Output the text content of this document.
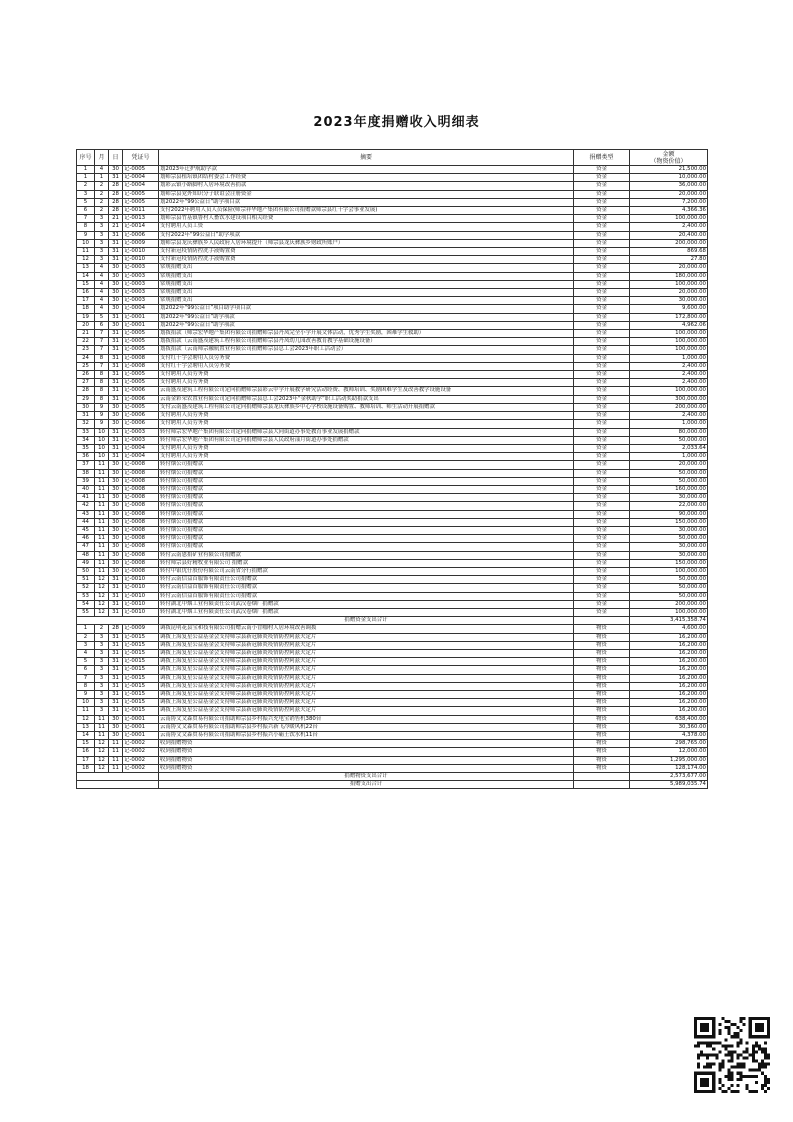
2023年度捐赠收入明细表
序号	月	日	凭证号	摘要	捐赠类型	金额
（物资价值）

1	4	30	记-0005	划2023年迁护航助学款	资金	21,500.00
1	1	31	记-0004	划师宗县植培镇团结村委会工作经费	资金	10,000.00
2	2	28	记-0004	划彩云镇小路脚村人居环境改善捐款	资金	36,000.00
3	2	28	记-0005	划师宗县党外知识分子联谊会注册资金	资金	20,000.00
5	2	28	记-0005	划2022年“99公益日”助学项目款	资金	7,200.00
6	2	28	记-0011	支付2022年聘用人员人员保险(师宗祥华地产集团有限公司捐赠款师宗县红十字会事业发展)	资金	4,366.36
7	3	21	记-0013	划师宗县竹基镇鲁村人畜饮水建设项目相关经费	资金	100,000.00
8	3	21	记-0014	支付聘用人员工资	资金	2,400.00
9	3	31	记-0006	支付2022年“99公益日”助学项款	资金	20,400.00
10	3	31	记-0009	划师宗县龙庆彝族乡人民政府人居环境提升（师宗县龙庆彝族乡财政所账户）	资金	200,000.00
11	3	31	记-0010	支付新冠疫情防控洗手液购置费	资金	869.68
12	3	31	记-0010	支付新冠疫情防控洗手液购置费	资金	27.80
13	4	30	记-0003	常规捐赠支出	资金	20,000.00
14	4	30	记-0003	常规捐赠支出	资金	180,000.00
15	4	30	记-0003	常规捐赠支出	资金	100,000.00
16	4	30	记-0003	常规捐赠支出	资金	20,000.00
17	4	30	记-0003	常规捐赠支出	资金	30,000.00
18	4	30	记-0004	划2022年“99公益日”项目助学项目款	资金	9,600.00
19	5	31	记-0001	划2022年“99公益日”助学项款	资金	172,800.00
20	6	30	记-0001	划2022年“99公益日”助学项款	资金	4,962.06
21	7	31	记-0005	划拨捐款（师宗宏华地产集团有限公司捐赠师宗县丹凤完全小学开展文体活动，优秀学生奖励，困难学生救助）	资金	100,000.00
22	7	31	记-0005	划拨捐款（云南盛茂建筑工程有限公司捐赠师宗县丹凤幼儿园改善教育教学基础设施设备）	资金	100,000.00
23	7	31	记-0005	划拨捐款（云南师宗融航置业有限公司捐赠师宗县总工会2023年职工活动会）	资金	100,000.00
24	8	31	记-0008	支付红十字会聘用人员劳务费	资金	1,000.00
25	7	31	记-0008	支付红十字会聘用人员劳务费	资金	2,400.00
26	8	31	记-0005	支付聘用人员劳务费	资金	2,400.00
27	8	31	记-0005	支付聘用人员劳务费	资金	2,400.00
28	8	31	记-0006	云南盛茂建筑工程有限公司定向捐赠师宗县彩云中学开展教学研究活动经费、教师培训、奖励困难学生及改善教学设施设备	资金	100,000.00
29	8	31	记-0006	云南金彩荣农置业有限公司定向捐赠师宗县总工会2023年“金秋助学”职工活动奖助捐款支出	资金	300,000.00
30	9	30	记-0005	支付云南盛茂建筑工程有限公司定向捐赠师宗县龙庆彝族乡中心学校设施设备购置、教师培训、师生活动开展捐赠款	资金	200,000.00
31	9	30	记-0006	支付聘用人员劳务费	资金	2,400.00
32	9	30	记-0006	支付聘用人员劳务费	资金	1,000.00
33	10	31	记-0003	转付师宗宏华地产集团有限公司定向捐赠师宗县大同街道办事处教育事业发展捐赠款	资金	80,000.00
34	10	31	记-0003	转付师宗宏华地产集团有限公司定向捐赠师宗县人民政府漾月街道办事处捐赠款	资金	50,000.00
35	10	31	记-0004	支付聘用人员劳务费	资金	2,033.64
36	10	31	记-0004	支付聘用人员劳务费	资金	1,000.00
37	11	30	记-0008	转付烟公司捐赠款	资金	20,000.00
38	11	30	记-0008	转付烟公司捐赠款	资金	50,000.00
39	11	30	记-0008	转付烟公司捐赠款	资金	50,000.00
40	11	30	记-0008	转付烟公司捐赠款	资金	160,000.00
41	11	30	记-0008	转付烟公司捐赠款	资金	30,000.00
42	11	30	记-0008	转付烟公司捐赠款	资金	22,000.00
43	11	30	记-0008	转付烟公司捐赠款	资金	90,000.00
44	11	30	记-0008	转付烟公司捐赠款	资金	150,000.00
45	11	30	记-0008	转付烟公司捐赠款	资金	30,000.00
46	11	30	记-0008	转付烟公司捐赠款	资金	50,000.00
47	11	30	记-0008	转付烟公司捐赠款	资金	30,000.00
48	11	30	记-0008	转付云南恩捐矿业有限公司捐赠款	资金	30,000.00
49	11	30	记-0008	转付师宗县好精牧业有限公司 捐赠款	资金	150,000.00
50	11	30	记-0008	转付中银优仔股份有限公司云南省分行捐赠款	资金	100,000.00
51	12	31	记-0010	转付云南信益首服饰有限责任公司捐赠款	资金	50,000.00
52	12	31	记-0010	转付云南信益首服饰有限责任公司捐赠款	资金	50,000.00
53	12	31	记-0010	转付云南信益首服饰有限责任公司捐赠款	资金	50,000.00
54	12	31	记-0010	转付湖北中烟工业有限责任公司武汉卷烟厂捐赠款	资金	200,000.00
55	12	31	记-0010	转付湖北中烟工业有限责任公司武汉卷烟厂捐赠款	资金	100,000.00
				捐赠资金支出合计		3,415,358.74
1	2	28	记-0009	调拨昆明花县宝和技有限公司捐赠云南小冒咖村人居环境改善调拨	物资	4,600.00
2	3	31	记-0015	调拨上海复星公益基金会支持师宗县新冠肺炎疫情防控阿兹夫定片	物资	16,200.00
3	3	31	记-0015	调拨上海复星公益基金会支持师宗县新冠肺炎疫情防控阿兹夫定片	物资	16,200.00
4	3	31	记-0015	调拨上海复星公益基金会支持师宗县新冠肺炎疫情防控阿兹夫定片	物资	16,200.00
5	3	31	记-0015	调拨上海复星公益基金会支持师宗县新冠肺炎疫情防控阿兹夫定片	物资	16,200.00
6	3	31	记-0015	调拨上海复星公益基金会支持师宗县新冠肺炎疫情防控阿兹夫定片	物资	16,200.00
7	3	31	记-0015	调拨上海复星公益基金会支持师宗县新冠肺炎疫情防控阿兹夫定片	物资	16,200.00
8	3	31	记-0015	调拨上海复星公益基金会支持师宗县新冠肺炎疫情防控阿兹夫定片	物资	16,200.00
9	3	31	记-0015	调拨上海复星公益基金会支持师宗县新冠肺炎疫情防控阿兹夫定片	物资	16,200.00
10	3	31	记-0015	调拨上海复星公益基金会支持师宗县新冠肺炎疫情防控阿兹夫定片	物资	16,200.00
11	3	31	记-0015	调拨上海复星公益基金会支持师宗县新冠肺炎疫情防控阿兹夫定片	物资	16,200.00
12	11	30	记-0001	云南协文文森贸易有限公司捐助师宗县乡村振兴充电宝销售机380台	物资	638,400.00
13	11	30	记-0001	云南协文文森贸易有限公司捐助师宗县乡村振兴新飞冷暖风机22台	物资	30,360.00
14	11	30	记-0001	云南协文文森贸易有限公司捐助师宗县乡村振兴小霸王饮水机11台	物资	4,378.00
15	12	11	记-0002	收到捐赠物资	物资	298,765.00
16	12	11	记-0002	收到捐赠物资	物资	12,000.00
17	12	11	记-0002	收到捐赠物资	物资	1,295,000.00
18	12	11	记-0002	收到捐赠物资	物资	128,174.00
				捐赠物资支出合计		2,573,677.00
				捐赠支出合计		5,989,035.74
